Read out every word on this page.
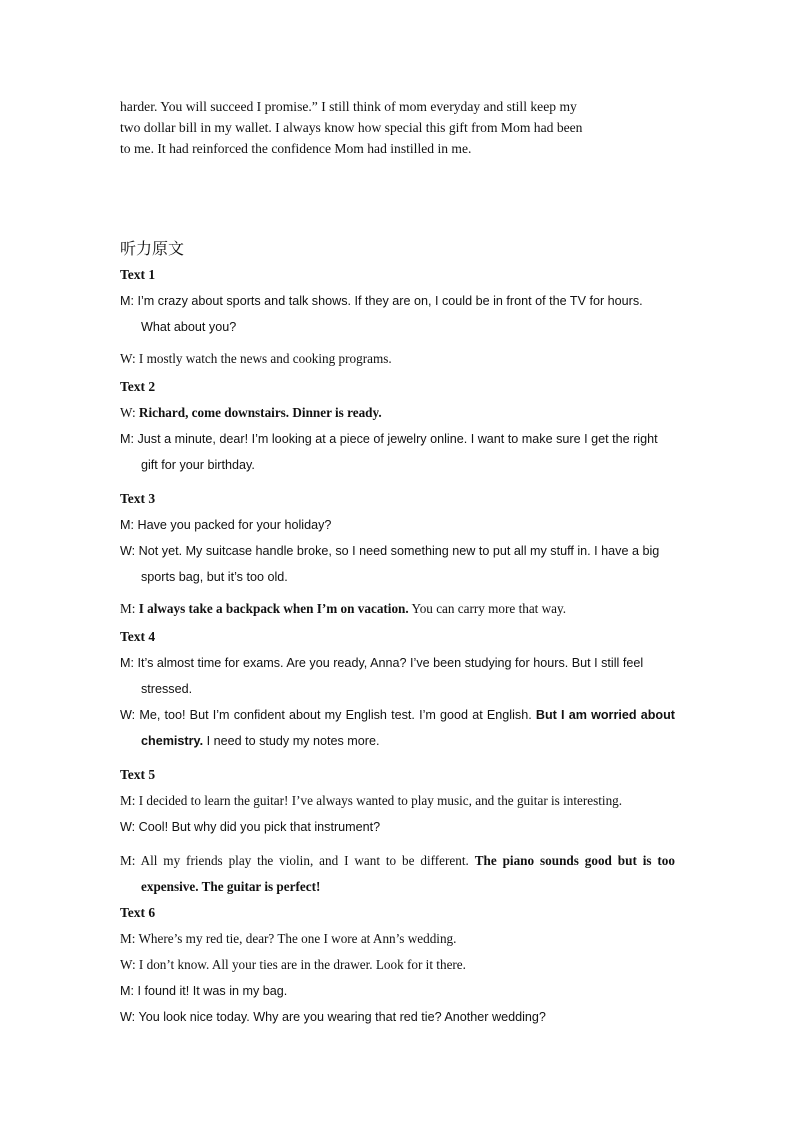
harder. You will succeed I promise.” I still think of mom everyday and still keep my

two dollar bill in my wallet. I always know how special this gift from Mom had been

to me. It had reinforced the confidence Mom had instilled in me.

听力原文
Text 1
M: I’m crazy about sports and talk shows. If they are on, I could be in front of the TV for hours. What about you?
W: I mostly watch the news and cooking programs.
Text 2
W: Richard, come downstairs. Dinner is ready.
M: Just a minute, dear! I’m looking at a piece of jewelry online. I want to make sure I get the right gift for your birthday.
Text 3
M: Have you packed for your holiday?
W: Not yet. My suitcase handle broke, so I need something new to put all my stuff in. I have a big sports bag, but it’s too old.
M: I always take a backpack when I’m on vacation. You can carry more that way.
Text 4
M: It’s almost time for exams. Are you ready, Anna? I’ve been studying for hours. But I still feel stressed.
W: Me, too! But I’m confident about my English test. I’m good at English. But I am worried about chemistry. I need to study my notes more.
Text 5
M: I decided to learn the guitar! I’ve always wanted to play music, and the guitar is interesting.
W: Cool! But why did you pick that instrument?
M: All my friends play the violin, and I want to be different. The piano sounds good but is too expensive. The guitar is perfect!
Text 6
M: Where’s my red tie, dear? The one I wore at Ann’s wedding.
W: I don’t know. All your ties are in the drawer. Look for it there.
M: I found it! It was in my bag.
W: You look nice today. Why are you wearing that red tie? Another wedding?
